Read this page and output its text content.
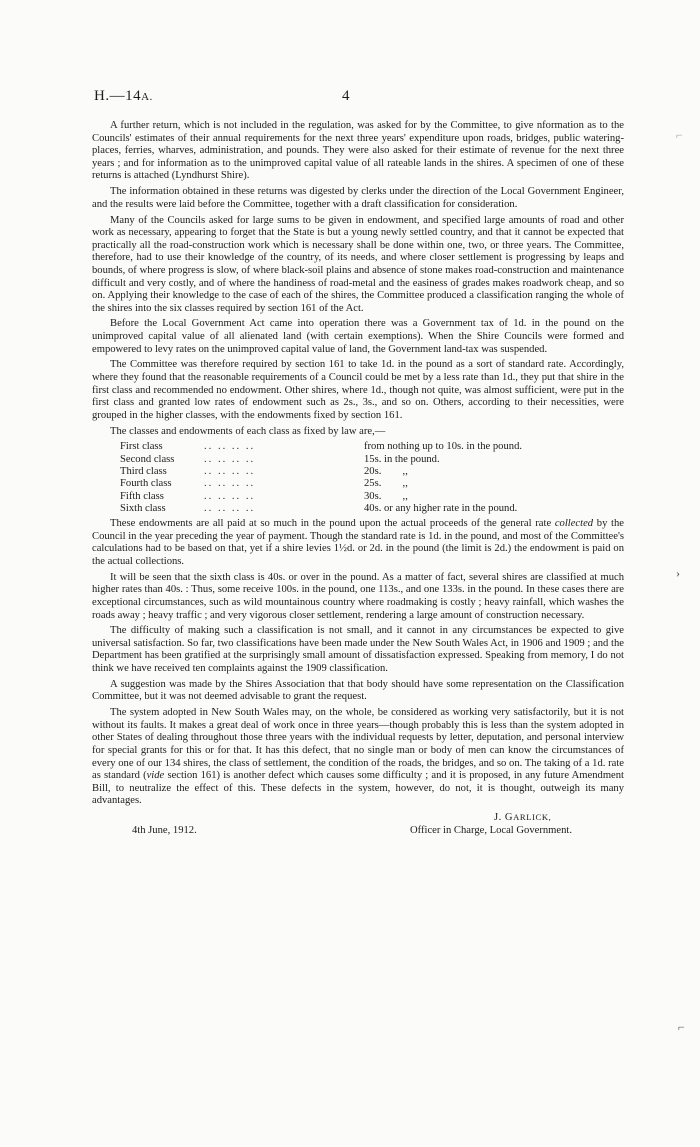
H.—14A.	4

A further return, which is not included in the regulation, was asked for by the Committee, to give nformation as to the Councils' estimates of their annual requirements for the next three years' expenditure upon roads, bridges, public watering-places, ferries, wharves, administration, and pounds. They were also asked for their estimate of revenue for the next three years ; and for information as to the unimproved capital value of all rateable lands in the shires. A specimen of one of these returns is attached (Lyndhurst Shire).

The information obtained in these returns was digested by clerks under the direction of the Local Government Engineer, and the results were laid before the Committee, together with a draft classification for consideration.

Many of the Councils asked for large sums to be given in endowment, and specified large amounts of road and other work as necessary, appearing to forget that the State is but a young newly settled country, and that it cannot be expected that practically all the road-construction work which is necessary shall be done within one, two, or three years. The Committee, therefore, had to use their knowledge of the country, of its needs, and where closer settlement is progressing by leaps and bounds, of where progress is slow, of where black-soil plains and absence of stone makes road-construction and maintenance difficult and very costly, and of where the handiness of road-metal and the easiness of grades makes roadwork cheap, and so on. Applying their knowledge to the case of each of the shires, the Committee produced a classification ranging the whole of the shires into the six classes required by section 161 of the Act.

Before the Local Government Act came into operation there was a Government tax of 1d. in the pound on the unimproved capital value of all alienated land (with certain exemptions). When the Shire Councils were formed and empowered to levy rates on the unimproved capital value of land, the Government land-tax was suspended.

The Committee was therefore required by section 161 to take 1d. in the pound as a sort of standard rate. Accordingly, where they found that the reasonable requirements of a Council could be met by a less rate than 1d., they put that shire in the first class and recommended no endowment. Other shires, where 1d., though not quite, was almost sufficient, were put in the first class and granted low rates of endowment such as 2s., 3s., and so on. Others, according to their necessities, were grouped in the higher classes, with the endowments fixed by section 161.

The classes and endowments of each class as fixed by law are,—

First class	.. .. .. ..	from nothing up to 10s. in the pound.
Second class	.. .. .. ..	15s. in the pound.
Third class	.. .. .. ..	20s.        ,,
Fourth class	.. .. .. ..	25s.        ,,
Fifth class	.. .. .. ..	30s.        ,,
Sixth class	.. .. .. ..	40s. or any higher rate in the pound.

These endowments are all paid at so much in the pound upon the actual proceeds of the general rate collected by the Council in the year preceding the year of payment. Though the standard rate is 1d. in the pound, and most of the Committee's calculations had to be based on that, yet if a shire levies 1½d. or 2d. in the pound (the limit is 2d.) the endowment is paid on the actual collections.

It will be seen that the sixth class is 40s. or over in the pound. As a matter of fact, several shires are classified at much higher rates than 40s. : Thus, some receive 100s. in the pound, one 113s., and one 133s. in the pound. In these cases there are exceptional circumstances, such as wild mountainous country where roadmaking is costly ; heavy rainfall, which washes the roads away ; heavy traffic ; and very vigorous closer settlement, rendering a large amount of construction necessary.

The difficulty of making such a classification is not small, and it cannot in any circumstances be expected to give universal satisfaction. So far, two classifications have been made under the New South Wales Act, in 1906 and 1909 ; and the Department has been gratified at the surprisingly small amount of dissatisfaction expressed. Speaking from memory, I do not think we have received ten complaints against the 1909 classification.

A suggestion was made by the Shires Association that that body should have some representation on the Classification Committee, but it was not deemed advisable to grant the request.

The system adopted in New South Wales may, on the whole, be considered as working very satisfactorily, but it is not without its faults. It makes a great deal of work once in three years—though probably this is less than the system adopted in other States of dealing throughout those three years with the individual requests by letter, deputation, and personal interview for special grants for this or for that. It has this defect, that no single man or body of men can know the circumstances of every one of our 134 shires, the class of settlement, the condition of the roads, the bridges, and so on. The taking of a 1d. rate as standard (vide section 161) is another defect which causes some difficulty ; and it is proposed, in any future Amendment Bill, to neutralize the effect of this. These defects in the system, however, do not, it is thought, outweigh its many advantages.

J. GARLICK,
4th June, 1912.	Officer in Charge, Local Government.
⌐
›
⌐
